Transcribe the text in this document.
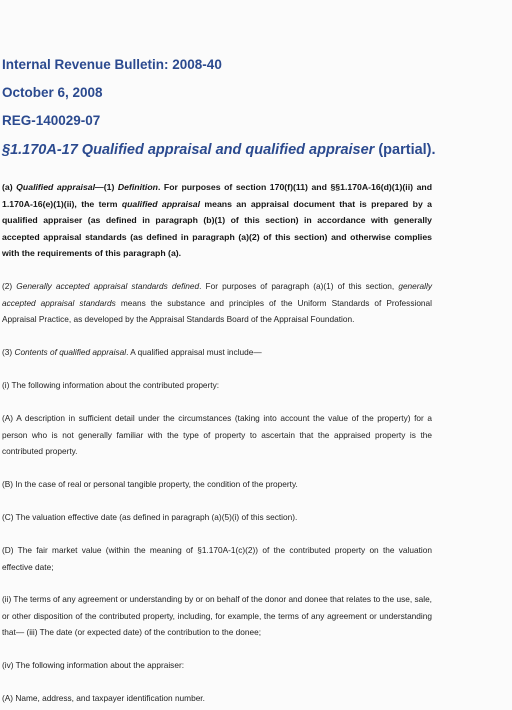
Internal Revenue Bulletin: 2008-40
October 6, 2008
REG-140029-07
§1.170A-17 Qualified appraisal and qualified appraiser (partial).
(a) Qualified appraisal—(1) Definition. For purposes of section 170(f)(11) and §§1.170A-16(d)(1)(ii) and 1.170A-16(e)(1)(ii), the term qualified appraisal means an appraisal document that is prepared by a qualified appraiser (as defined in paragraph (b)(1) of this section) in accordance with generally accepted appraisal standards (as defined in paragraph (a)(2) of this section) and otherwise complies with the requirements of this paragraph (a).
(2) Generally accepted appraisal standards defined. For purposes of paragraph (a)(1) of this section, generally accepted appraisal standards means the substance and principles of the Uniform Standards of Professional Appraisal Practice, as developed by the Appraisal Standards Board of the Appraisal Foundation.
(3) Contents of qualified appraisal. A qualified appraisal must include—
(i) The following information about the contributed property:
(A) A description in sufficient detail under the circumstances (taking into account the value of the property) for a person who is not generally familiar with the type of property to ascertain that the appraised property is the contributed property.
(B) In the case of real or personal tangible property, the condition of the property.
(C) The valuation effective date (as defined in paragraph (a)(5)(i) of this section).
(D) The fair market value (within the meaning of §1.170A-1(c)(2)) of the contributed property on the valuation effective date;
(ii) The terms of any agreement or understanding by or on behalf of the donor and donee that relates to the use, sale, or other disposition of the contributed property, including, for example, the terms of any agreement or understanding that— (iii) The date (or expected date) of the contribution to the donee;
(iv) The following information about the appraiser:
(A) Name, address, and taxpayer identification number.
